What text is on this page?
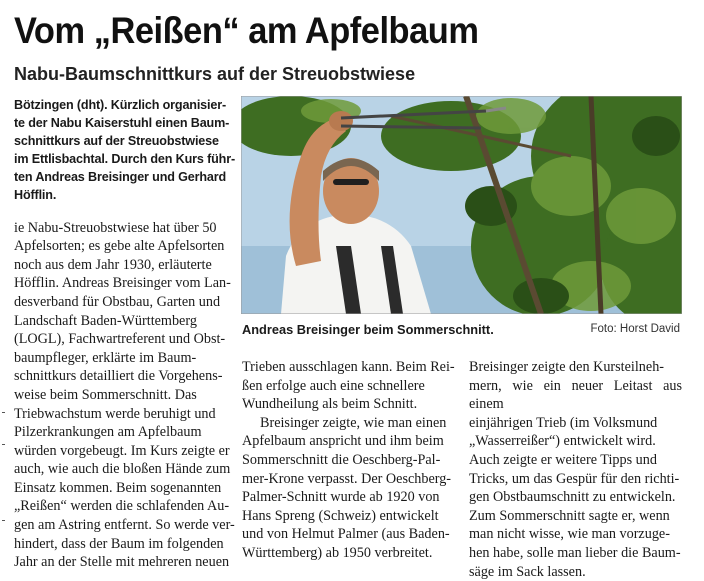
Vom „Reißen“ am Apfelbaum
Nabu-Baumschnittkurs auf der Streuobstwiese
Bötzingen (dht). Kürzlich organisier-
te der Nabu Kaiserstuhl einen Baum-
schnittkurs auf der Streuobstwiese
im Ettlisbachtal. Durch den Kurs führ-
ten Andreas Breisinger und Gerhard
Höfflin.

ie Nabu-Streuobstwiese hat über 50
Apfelsorten; es gebe alte Apfelsorten
noch aus dem Jahr 1930, erläuterte
Höfflin. Andreas Breisinger vom Lan-
desverband für Obstbau, Garten und
Landschaft Baden-Württemberg
(LOGL), Fachwartreferent und Obst-
baumpfleger, erklärte im Baum-
schnittkurs detailliert die Vorgehens-
weise beim Sommerschnitt. Das
Triebwachstum werde beruhigt und
Pilzerkrankungen am Apfelbaum
würden vorgebeugt. Im Kurs zeigte er
auch, wie auch die bloßen Hände zum
Einsatz kommen. Beim sogenannten
„Reißen“ werden die schlafenden Au-
gen am Astring entfernt. So werde ver-
hindert, dass der Baum im folgenden
Jahr an der Stelle mit mehreren neuen

Andreas Breisinger beim Sommerschnitt.	Foto: Horst David

Trieben ausschlagen kann. Beim Rei-
ßen erfolge auch eine schnellere
Wundheilung als beim Schnitt.

Breisinger zeigte, wie man einen
Apfelbaum anspricht und ihm beim
Sommerschnitt die Oeschberg-Pal-
mer-Krone verpasst. Der Oeschberg-
Palmer-Schnitt wurde ab 1920 von
Hans Spreng (Schweiz) entwickelt
und von Helmut Palmer (aus Baden-
Württemberg) ab 1950 verbreitet.

Breisinger zeigte den Kursteilneh-
mern, wie ein neuer Leitast aus einem
einjährigen Trieb (im Volksmund
„Wasserreißer“) entwickelt wird.
Auch zeigte er weitere Tipps und
Tricks, um das Gespür für den richti-
gen Obstbaumschnitt zu entwickeln.
Zum Sommerschnitt sagte er, wenn
man nicht wisse, wie man vorzuge-
hen habe, solle man lieber die Baum-
säge im Sack lassen.
